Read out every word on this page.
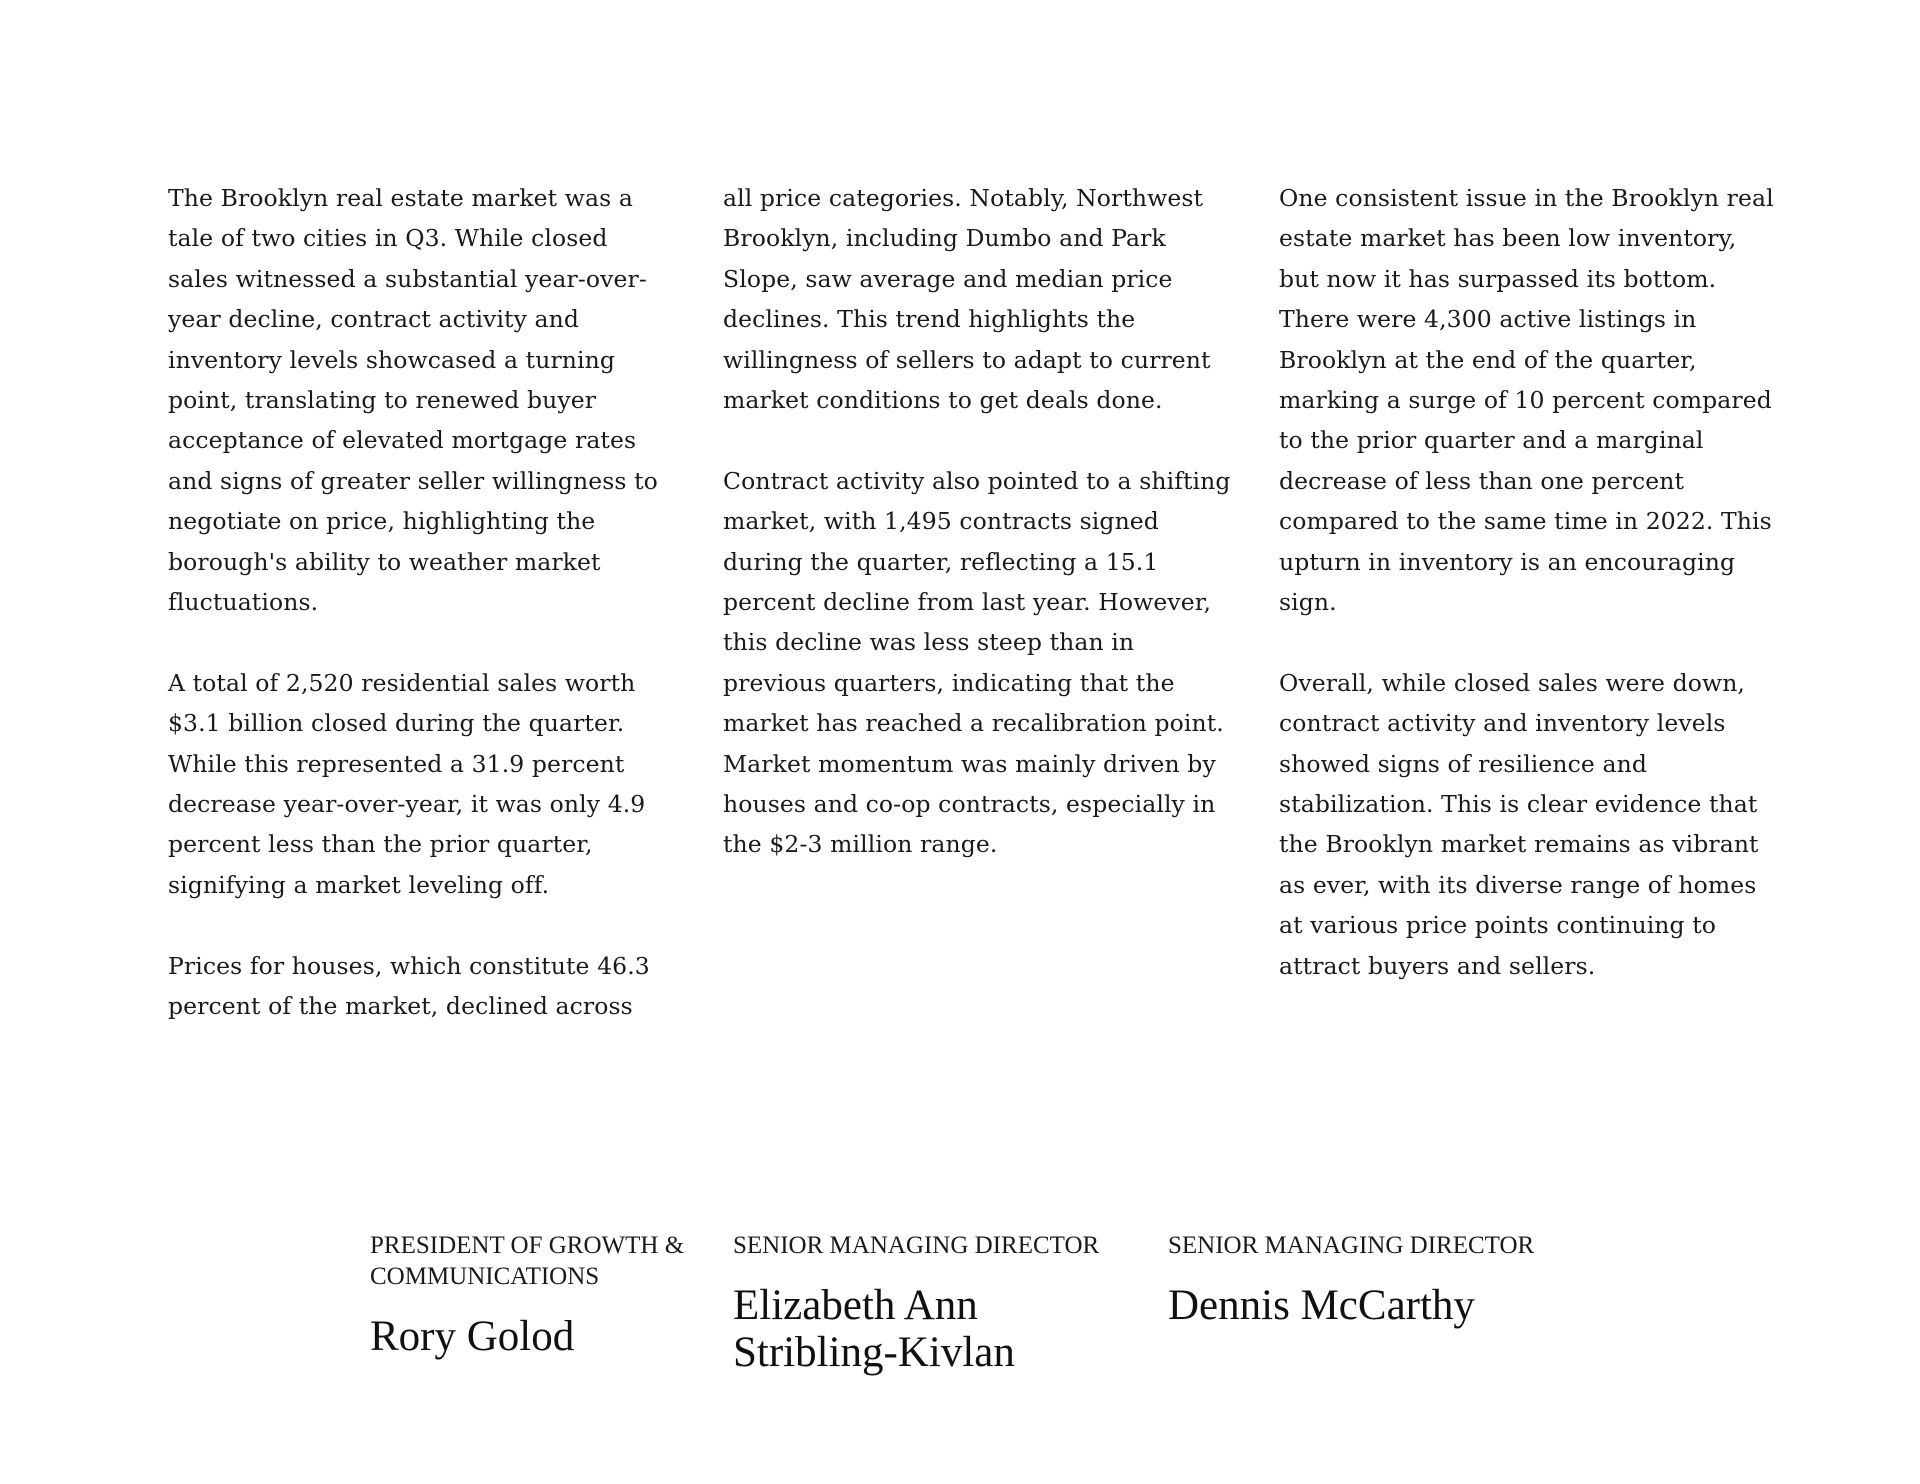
The Brooklyn real estate market was a tale of two cities in Q3. While closed sales witnessed a substantial year-over-year decline, contract activity and inventory levels showcased a turning point, translating to renewed buyer acceptance of elevated mortgage rates and signs of greater seller willingness to negotiate on price, highlighting the borough's ability to weather market fluctuations.

A total of 2,520 residential sales worth $3.1 billion closed during the quarter. While this represented a 31.9 percent decrease year-over-year, it was only 4.9 percent less than the prior quarter, signifying a market leveling off.

Prices for houses, which constitute 46.3 percent of the market, declined across

all price categories. Notably, Northwest Brooklyn, including Dumbo and Park Slope, saw average and median price declines. This trend highlights the willingness of sellers to adapt to current market conditions to get deals done.

Contract activity also pointed to a shifting market, with 1,495 contracts signed during the quarter, reflecting a 15.1 percent decline from last year. However, this decline was less steep than in previous quarters, indicating that the market has reached a recalibration point. Market momentum was mainly driven by houses and co-op contracts, especially in the $2-3 million range.

One consistent issue in the Brooklyn real estate market has been low inventory, but now it has surpassed its bottom. There were 4,300 active listings in Brooklyn at the end of the quarter, marking a surge of 10 percent compared to the prior quarter and a marginal decrease of less than one percent compared to the same time in 2022. This upturn in inventory is an encouraging sign.

Overall, while closed sales were down, contract activity and inventory levels showed signs of resilience and stabilization. This is clear evidence that the Brooklyn market remains as vibrant as ever, with its diverse range of homes at various price points continuing to attract buyers and sellers.

PRESIDENT OF GROWTH & COMMUNICATIONS
Rory Golod
SENIOR MANAGING DIRECTOR
Elizabeth Ann Stribling-Kivlan
SENIOR MANAGING DIRECTOR
Dennis McCarthy
